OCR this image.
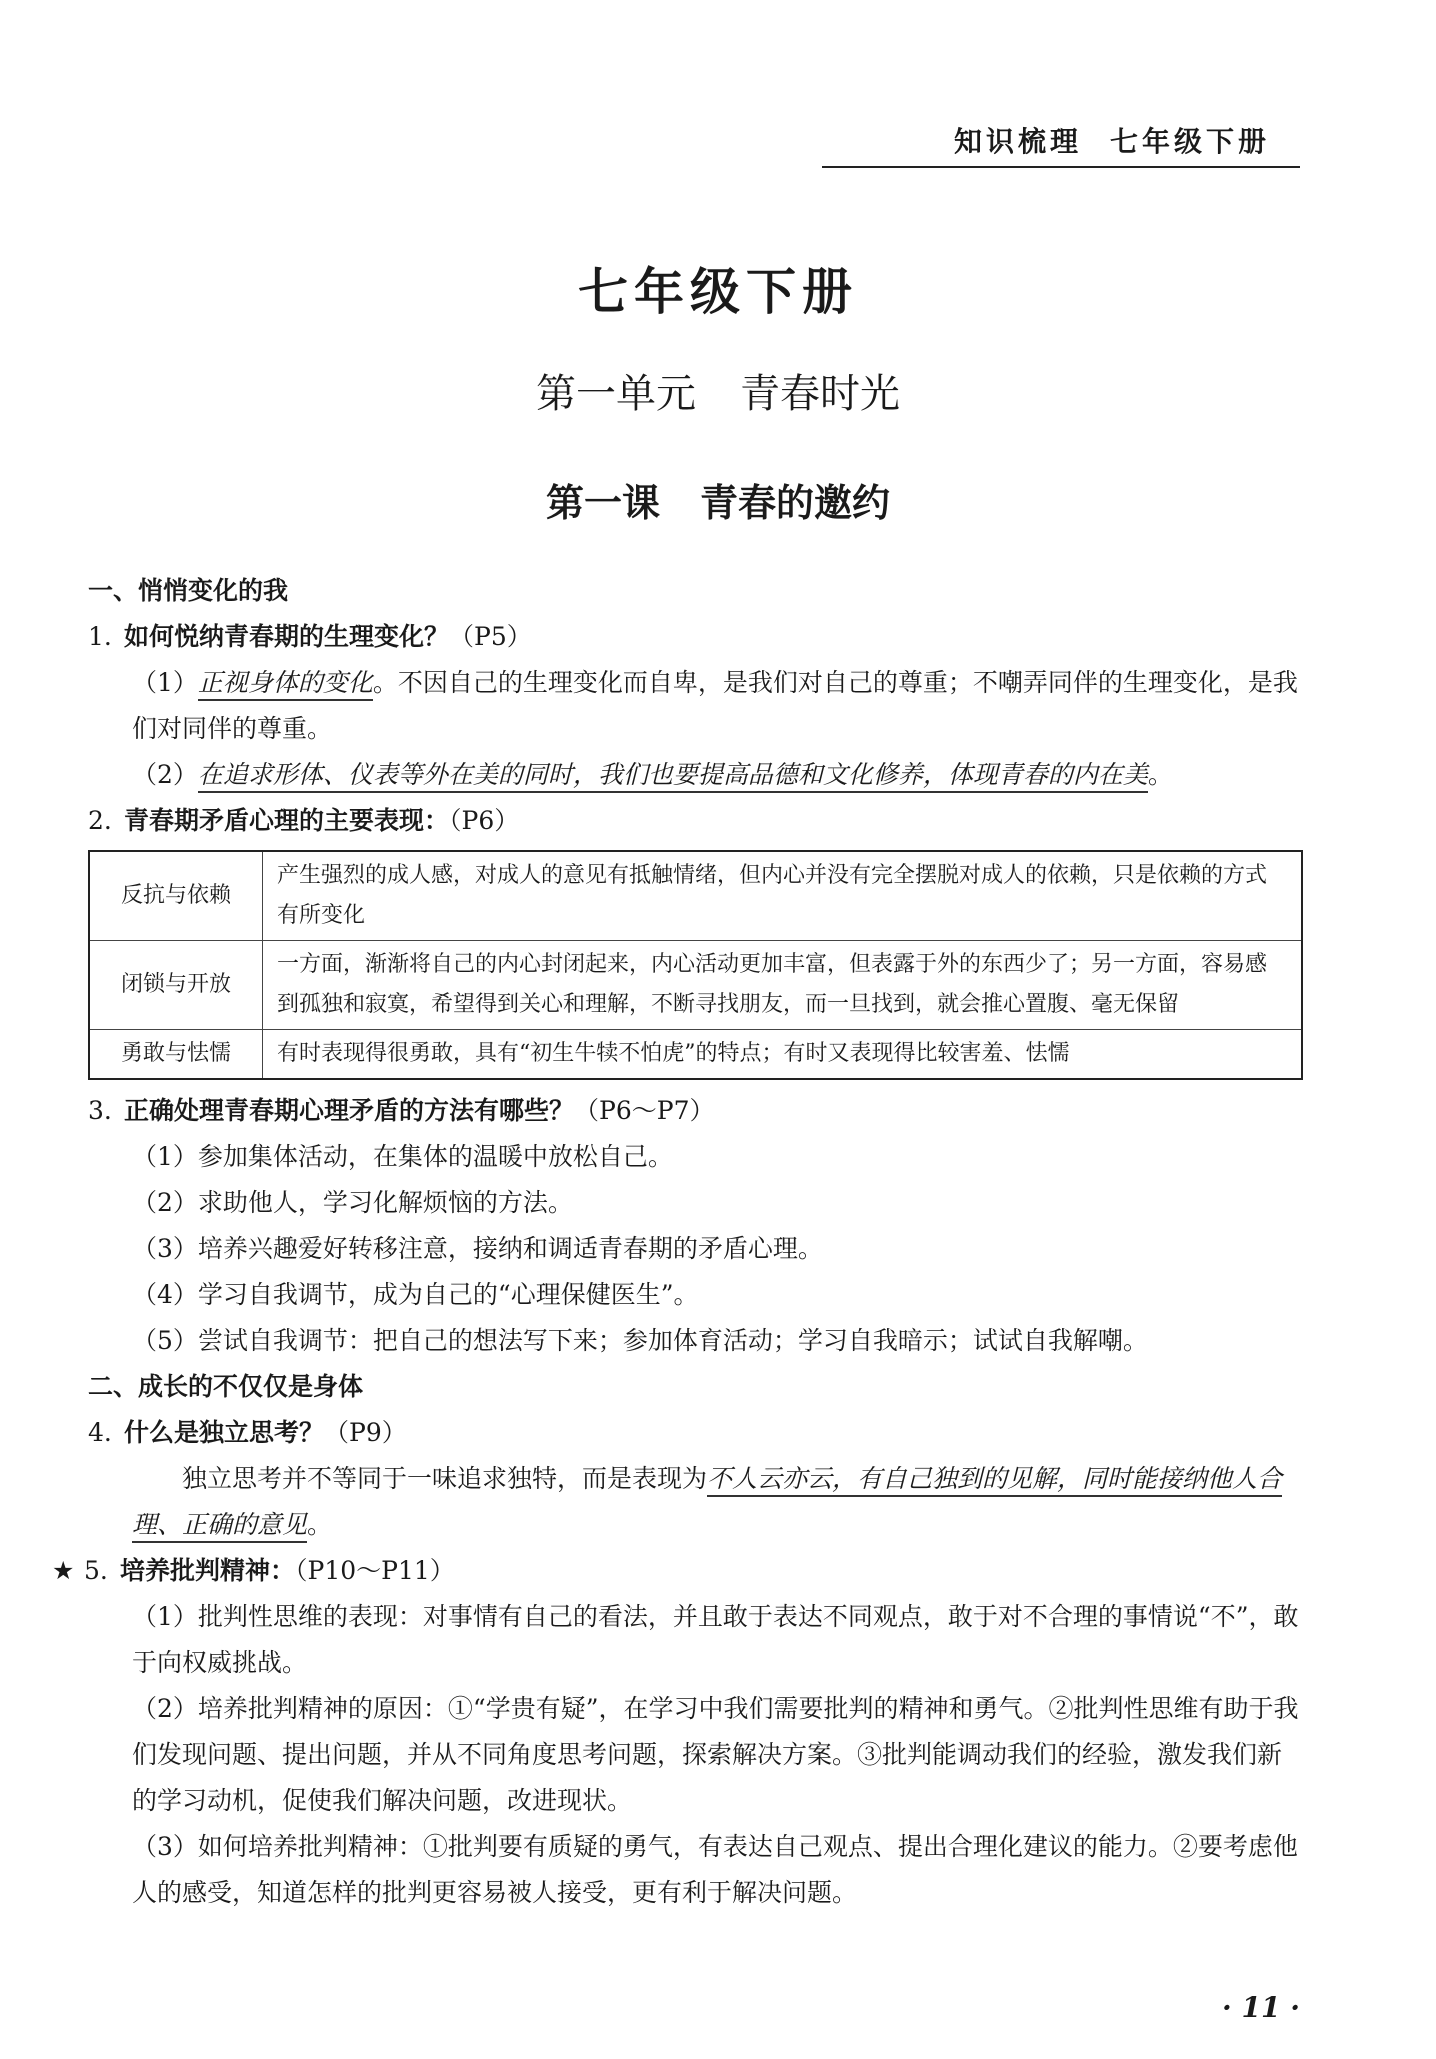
知识梳理 七年级下册
七年级下册
第一单元 青春时光
第一课 青春的邀约
一、悄悄变化的我
1. 如何悦纳青春期的生理变化？（P5）
（1）正视身体的变化。不因自己的生理变化而自卑，是我们对自己的尊重；不嘲弄同伴的生理变化，是我们对同伴的尊重。
（2）在追求形体、仪表等外在美的同时，我们也要提高品德和文化修养，体现青春的内在美。
2. 青春期矛盾心理的主要表现：（P6）
反抗与依赖	产生强烈的成人感，对成人的意见有抵触情绪，但内心并没有完全摆脱对成人的依赖，只是依赖的方式有所变化
闭锁与开放	一方面，渐渐将自己的内心封闭起来，内心活动更加丰富，但表露于外的东西少了；另一方面，容易感到孤独和寂寞，希望得到关心和理解，不断寻找朋友，而一旦找到，就会推心置腹、毫无保留
勇敢与怯懦	有时表现得很勇敢，具有“初生牛犊不怕虎”的特点；有时又表现得比较害羞、怯懦
3. 正确处理青春期心理矛盾的方法有哪些？（P6～P7）
（1）参加集体活动，在集体的温暖中放松自己。
（2）求助他人，学习化解烦恼的方法。
（3）培养兴趣爱好转移注意，接纳和调适青春期的矛盾心理。
（4）学习自我调节，成为自己的“心理保健医生”。
（5）尝试自我调节：把自己的想法写下来；参加体育活动；学习自我暗示；试试自我解嘲。
二、成长的不仅仅是身体
4. 什么是独立思考？（P9）
独立思考并不等同于一味追求独特，而是表现为不人云亦云，有自己独到的见解，同时能接纳他人合理、正确的意见。
★ 5. 培养批判精神：（P10～P11）
（1）批判性思维的表现：对事情有自己的看法，并且敢于表达不同观点，敢于对不合理的事情说“不”，敢于向权威挑战。
（2）培养批判精神的原因：①“学贵有疑”，在学习中我们需要批判的精神和勇气。②批判性思维有助于我们发现问题、提出问题，并从不同角度思考问题，探索解决方案。③批判能调动我们的经验，激发我们新的学习动机，促使我们解决问题，改进现状。
（3）如何培养批判精神：①批判要有质疑的勇气，有表达自己观点、提出合理化建议的能力。②要考虑他人的感受，知道怎样的批判更容易被人接受，更有利于解决问题。
· 11 ·
